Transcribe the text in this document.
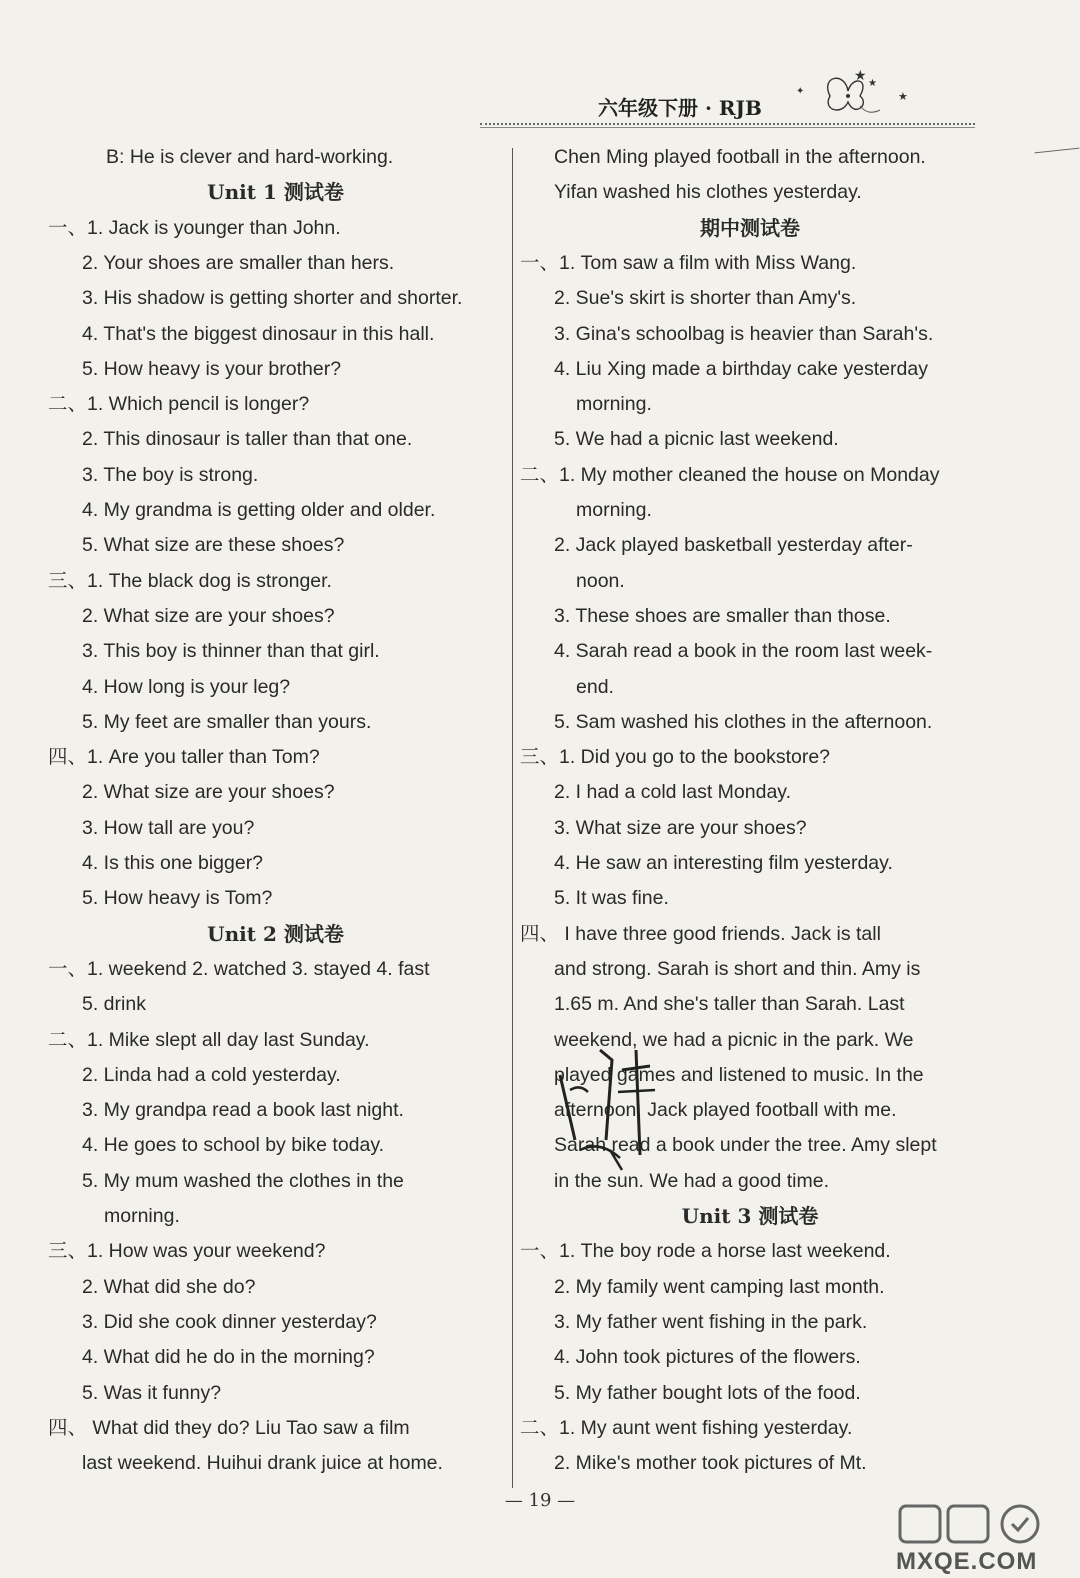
六年级下册 · RJB
✦
★
★
★
B: He is clever and hard-working.
Unit 1 测试卷
一、1. Jack is younger than John.
2. Your shoes are smaller than hers.
3. His shadow is getting shorter and shorter.
4. That's the biggest dinosaur in this hall.
5. How heavy is your brother?
二、1. Which pencil is longer?
2. This dinosaur is taller than that one.
3. The boy is strong.
4. My grandma is getting older and older.
5. What size are these shoes?
三、1. The black dog is stronger.
2. What size are your shoes?
3. This boy is thinner than that girl.
4. How long is your leg?
5. My feet are smaller than yours.
四、1. Are you taller than Tom?
2. What size are your shoes?
3. How tall are you?
4. Is this one bigger?
5. How heavy is Tom?
Unit 2 测试卷
一、1. weekend 2. watched 3. stayed 4. fast
5. drink
二、1. Mike slept all day last Sunday.
2. Linda had a cold yesterday.
3. My grandpa read a book last night.
4. He goes to school by bike today.
5. My mum washed the clothes in the
morning.
三、1. How was your weekend?
2. What did she do?
3. Did she cook dinner yesterday?
4. What did he do in the morning?
5. Was it funny?
四、 What did they do? Liu Tao saw a film
last weekend. Huihui drank juice at home.
Chen Ming played football in the afternoon.
Yifan washed his clothes yesterday.
期中测试卷
一、1. Tom saw a film with Miss Wang.
2. Sue's skirt is shorter than Amy's.
3. Gina's schoolbag is heavier than Sarah's.
4. Liu Xing made a birthday cake yesterday
morning.
5. We had a picnic last weekend.
二、1. My mother cleaned the house on Monday
morning.
2. Jack played basketball yesterday after-
noon.
3. These shoes are smaller than those.
4. Sarah read a book in the room last week-
end.
5. Sam washed his clothes in the afternoon.
三、1. Did you go to the bookstore?
2. I had a cold last Monday.
3. What size are your shoes?
4. He saw an interesting film yesterday.
5. It was fine.
四、 I have three good friends. Jack is tall
and strong. Sarah is short and thin. Amy is
1.65 m. And she's taller than Sarah. Last
weekend, we had a picnic in the park. We
played games and listened to music. In the
afternoon, Jack played football with me.
Sarah read a book under the tree. Amy slept
in the sun. We had a good time.
Unit 3 测试卷
一、1. The boy rode a horse last weekend.
2. My family went camping last month.
3. My father went fishing in the park.
4. John took pictures of the flowers.
5. My father bought lots of the food.
二、1. My aunt went fishing yesterday.
2. Mike's mother took pictures of Mt.
— 19 —
MXQE.COM
